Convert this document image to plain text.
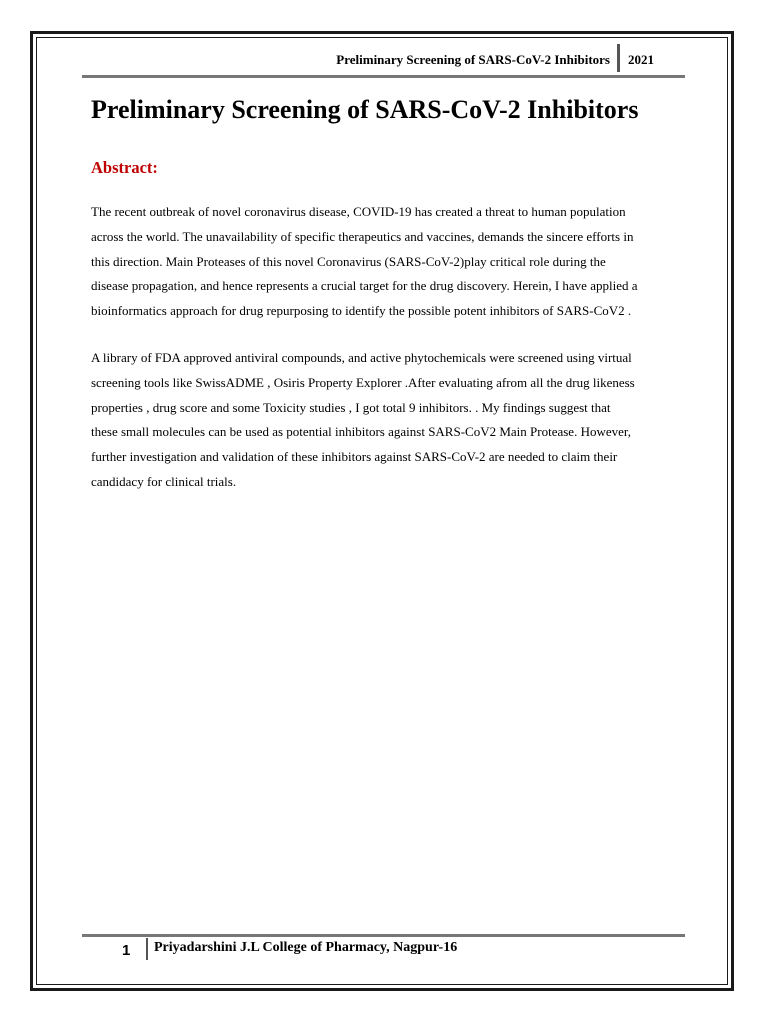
Preliminary Screening of SARS-CoV-2 Inhibitors	2021
Preliminary Screening of SARS-CoV-2 Inhibitors
Abstract:
The recent outbreak of novel coronavirus disease, COVID-19 has created a threat to human population
across the world. The unavailability of specific therapeutics and vaccines, demands the sincere efforts in
this direction. Main Proteases of this novel Coronavirus (SARS-CoV-2)play critical role during the
disease propagation, and hence represents a crucial target for the drug discovery. Herein, I have applied a
bioinformatics approach for drug repurposing to identify the possible potent inhibitors of SARS-CoV2 .
A library of FDA approved antiviral compounds, and active phytochemicals were screened using virtual
screening tools like SwissADME , Osiris Property Explorer .After evaluating afrom all the drug likeness
properties , drug score and some Toxicity studies , I got total 9 inhibitors. . My findings suggest that
these small molecules can be used as potential inhibitors against SARS-CoV2 Main Protease. However,
further investigation and validation of these inhibitors against SARS-CoV-2 are needed to claim their
candidacy for clinical trials.
1	Priyadarshini J.L College of Pharmacy, Nagpur-16
